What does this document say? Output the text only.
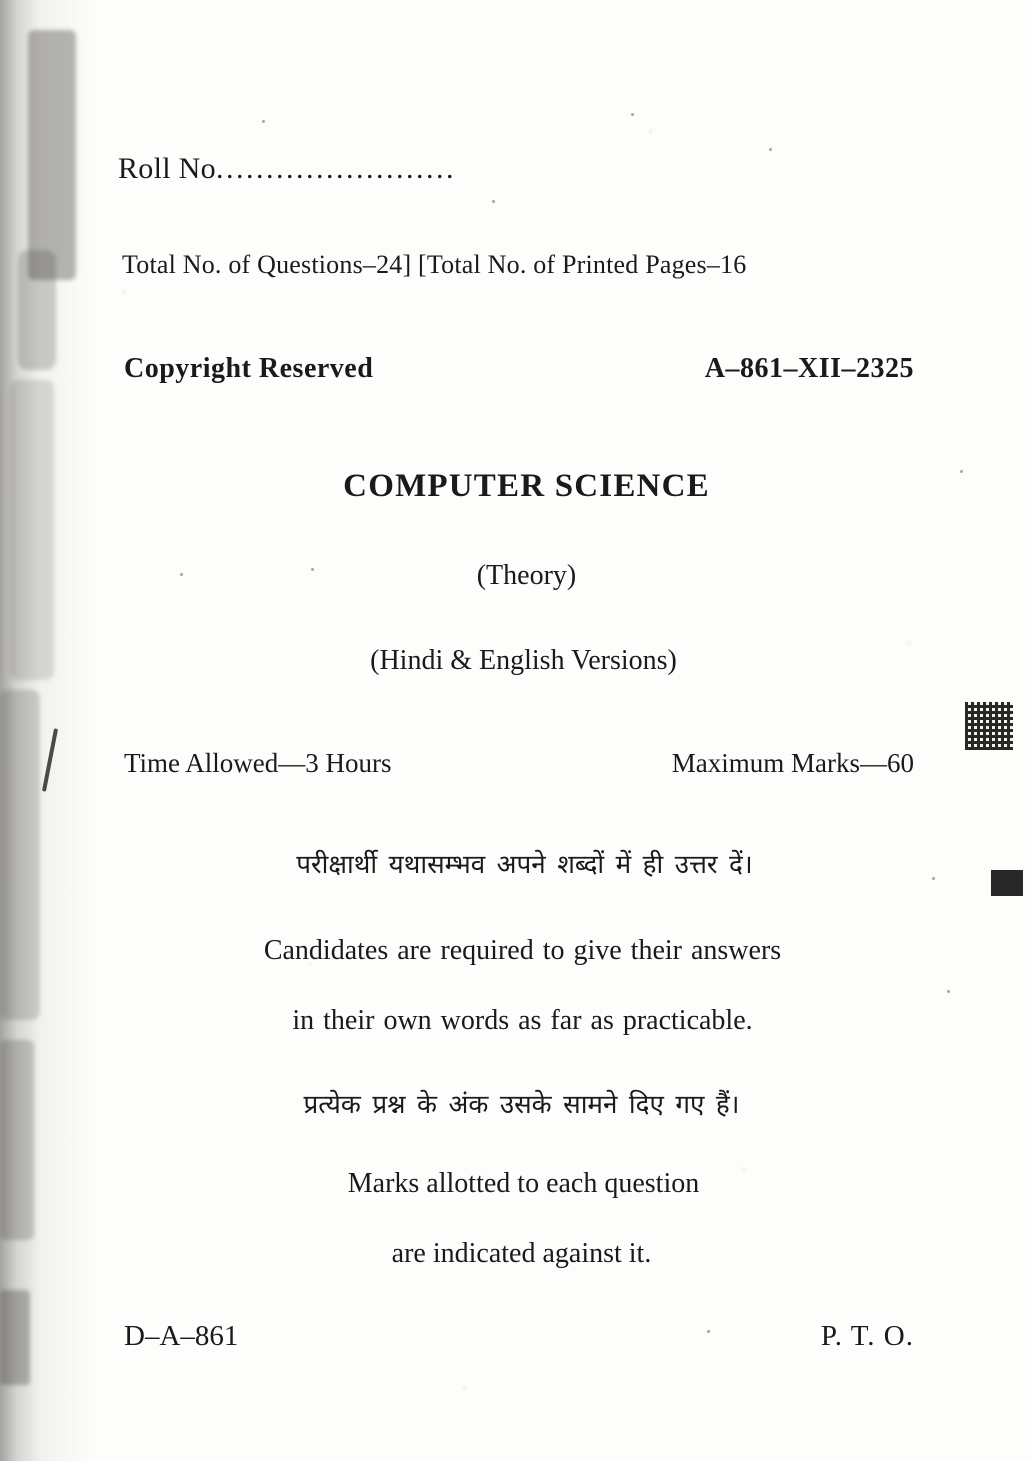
Roll No........................
Total No. of Questions–24] [Total No. of Printed Pages–16
Copyright Reserved	A–861–XII–2325
COMPUTER SCIENCE
(Theory)
(Hindi & English Versions)
Time Allowed—3 Hours	Maximum Marks—60
परीक्षार्थी यथासम्भव अपने शब्दों में ही उत्तर दें।
Candidates are required to give their answers
in their own words as far as practicable.
प्रत्येक प्रश्न के अंक उसके सामने दिए गए हैं।
Marks allotted to each question
are indicated against it.
D–A–861	P. T. O.
